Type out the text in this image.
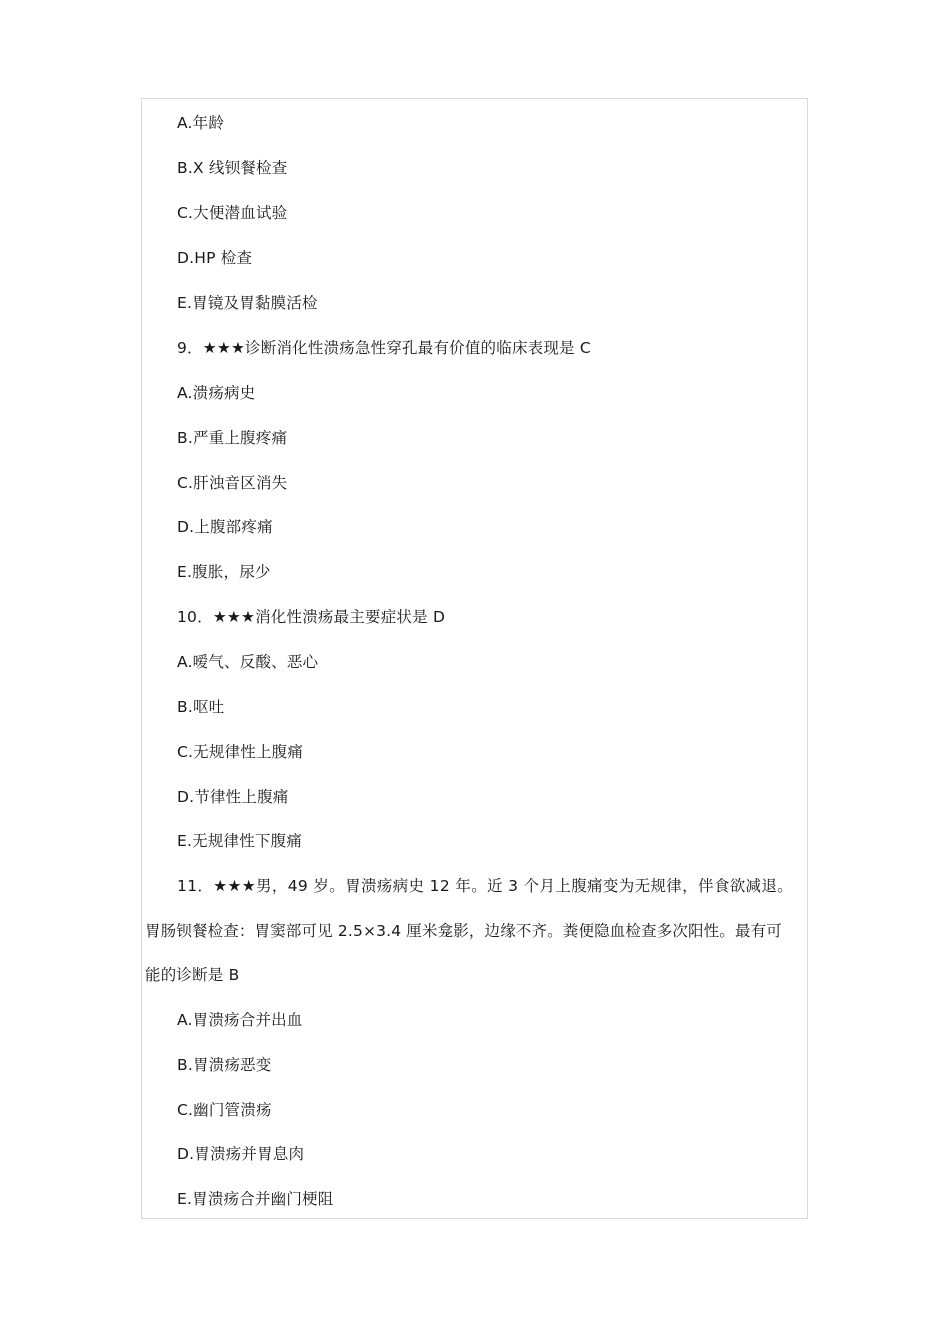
A.年龄
B.X 线钡餐检查
C.大便潜血试验
D.HP 检查
E.胃镜及胃黏膜活检
9．★★★诊断消化性溃疡急性穿孔最有价值的临床表现是 C
A.溃疡病史
B.严重上腹疼痛
C.肝浊音区消失
D.上腹部疼痛
E.腹胀，尿少
10．★★★消化性溃疡最主要症状是 D
A.嗳气、反酸、恶心
B.呕吐
C.无规律性上腹痛
D.节律性上腹痛
E.无规律性下腹痛
11．★★★男，49 岁。胃溃疡病史 12 年。近 3 个月上腹痛变为无规律，伴食欲减退。
胃肠钡餐检查：胃窦部可见 2.5×3.4 厘米龛影，边缘不齐。粪便隐血检查多次阳性。最有可
能的诊断是 B
A.胃溃疡合并出血
B.胃溃疡恶变
C.幽门管溃疡
D.胃溃疡并胃息肉
E.胃溃疡合并幽门梗阻
